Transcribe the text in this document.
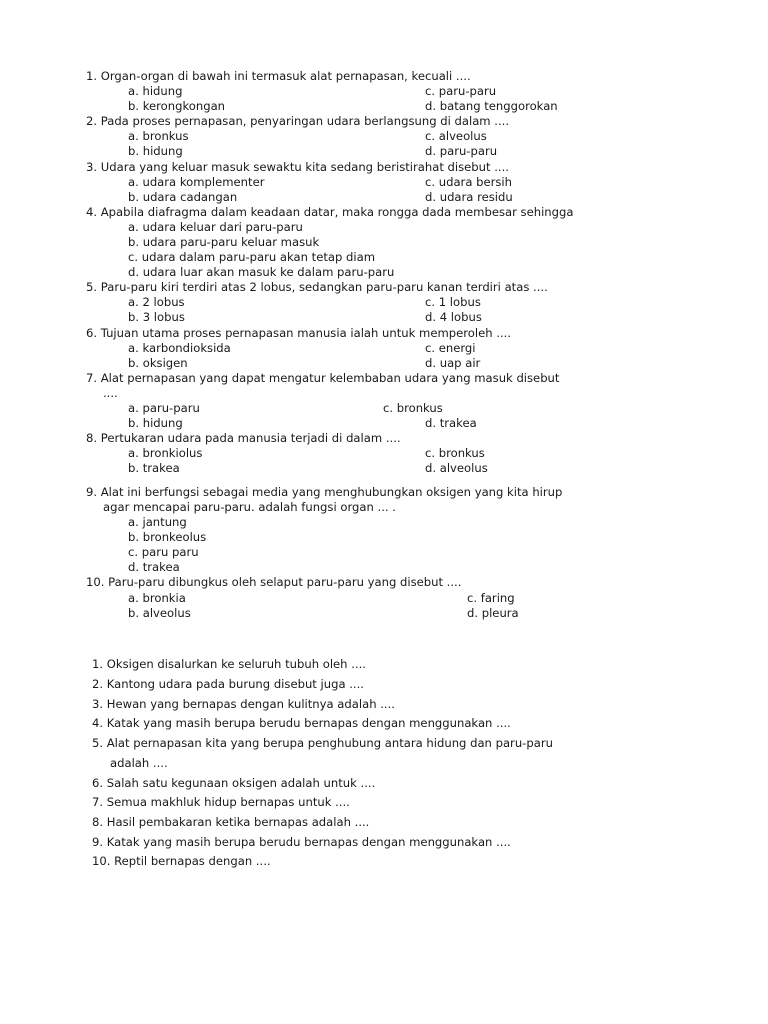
1. Organ-organ di bawah ini termasuk alat pernapasan, kecuali ....
a. hidung	c. paru-paru
b. kerongkongan	d. batang tenggorokan
2. Pada proses pernapasan, penyaringan udara berlangsung di dalam ....
a. bronkus	c. alveolus
b. hidung	d. paru-paru
3. Udara yang keluar masuk sewaktu kita sedang beristirahat disebut ....
a. udara komplementer	c. udara bersih
b. udara cadangan	d. udara residu
4. Apabila diafragma dalam keadaan datar, maka rongga dada membesar sehingga
a. udara keluar dari paru-paru
b. udara paru-paru keluar masuk
c. udara dalam paru-paru akan tetap diam
d. udara luar akan masuk ke dalam paru-paru
5. Paru-paru kiri terdiri atas 2 lobus, sedangkan paru-paru kanan terdiri atas ....
a. 2 lobus	c. 1 lobus
b. 3 lobus	d. 4 lobus
6. Tujuan utama proses pernapasan manusia ialah untuk memperoleh ....
a. karbondioksida	c. energi
b. oksigen	d. uap air
7. Alat pernapasan yang dapat mengatur kelembaban udara yang masuk disebut
....
a. paru-paru	c. bronkus
b. hidung	d. trakea
8. Pertukaran udara pada manusia terjadi di dalam ....
a. bronkiolus	c. bronkus
b. trakea	d. alveolus
9. Alat ini berfungsi sebagai media yang menghubungkan oksigen yang kita hirup
agar mencapai paru-paru. adalah fungsi organ ... .
a. jantung
b. bronkeolus
c. paru paru
d. trakea
10. Paru-paru dibungkus oleh selaput paru-paru yang disebut ....
a. bronkia	c. faring
b. alveolus	d. pleura
1. Oksigen disalurkan ke seluruh tubuh oleh ....
2. Kantong udara pada burung disebut juga ....
3. Hewan yang bernapas dengan kulitnya adalah ....
4. Katak yang masih berupa berudu bernapas dengan menggunakan ....
5. Alat pernapasan kita yang berupa penghubung antara hidung dan paru-paru
adalah ....
6. Salah satu kegunaan oksigen adalah untuk ....
7. Semua makhluk hidup bernapas untuk ....
8. Hasil pembakaran ketika bernapas adalah ....
9. Katak yang masih berupa berudu bernapas dengan menggunakan ....
10. Reptil bernapas dengan ....
